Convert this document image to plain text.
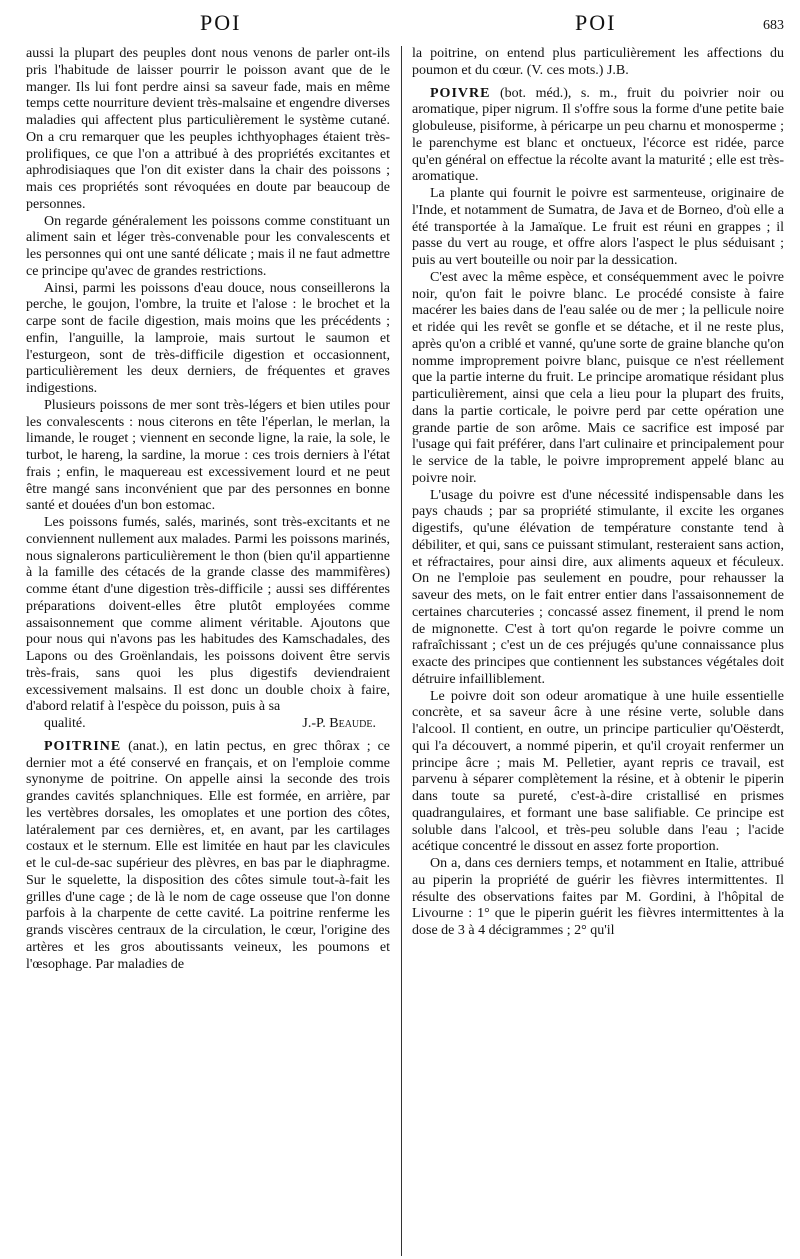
POI	POI	683

aussi la plupart des peuples dont nous venons de parler ont-ils pris l'habitude de laisser pourrir le poisson avant que de le manger. Ils lui font perdre ainsi sa saveur fade, mais en même temps cette nourriture devient très-malsaine et engendre diverses maladies qui affectent plus particulièrement le système cutané. On a cru remarquer que les peuples ichthyophages étaient très-prolifiques, ce que l'on a attribué à des propriétés excitantes et aphrodisiaques que l'on dit exister dans la chair des poissons ; mais ces propriétés sont révoquées en doute par beaucoup de personnes.

On regarde généralement les poissons comme constituant un aliment sain et léger très-convenable pour les convalescents et les personnes qui ont une santé délicate ; mais il ne faut admettre ce principe qu'avec de grandes restrictions.

Ainsi, parmi les poissons d'eau douce, nous conseillerons la perche, le goujon, l'ombre, la truite et l'alose : le brochet et la carpe sont de facile digestion, mais moins que les précédents ; enfin, l'anguille, la lamproie, mais surtout le saumon et l'esturgeon, sont de très-difficile digestion et occasionnent, particulièrement les deux derniers, de fréquentes et graves indigestions.

Plusieurs poissons de mer sont très-légers et bien utiles pour les convalescents : nous citerons en tête l'éperlan, le merlan, la limande, le rouget ; viennent en seconde ligne, la raie, la sole, le turbot, le hareng, la sardine, la morue : ces trois derniers à l'état frais ; enfin, le maquereau est excessivement lourd et ne peut être mangé sans inconvénient que par des personnes en bonne santé et douées d'un bon estomac.

Les poissons fumés, salés, marinés, sont très-excitants et ne conviennent nullement aux malades. Parmi les poissons marinés, nous signalerons particulièrement le thon (bien qu'il appartienne à la famille des cétacés de la grande classe des mammifères) comme étant d'une digestion très-difficile ; aussi ses différentes préparations doivent-elles être plutôt employées comme assaisonnement que comme aliment véritable. Ajoutons que pour nous qui n'avons pas les habitudes des Kamschadales, des Lapons ou des Groënlandais, les poissons doivent être servis très-frais, sans quoi les plus digestifs deviendraient excessivement malsains. Il est donc un double choix à faire, d'abord relatif à l'espèce du poisson, puis à sa

qualité.	J.-P. Beaude.

POITRINE (anat.), en latin pectus, en grec thôrax ; ce dernier mot a été conservé en français, et on l'emploie comme synonyme de poitrine. On appelle ainsi la seconde des trois grandes cavités splanchniques. Elle est formée, en arrière, par les vertèbres dorsales, les omoplates et une portion des côtes, latéralement par ces dernières, et, en avant, par les cartilages costaux et le sternum. Elle est limitée en haut par les clavicules et le cul-de-sac supérieur des plèvres, en bas par le diaphragme. Sur le squelette, la disposition des côtes simule tout-à-fait les grilles d'une cage ; de là le nom de cage osseuse que l'on donne parfois à la charpente de cette cavité. La poitrine renferme les grands viscères centraux de la circulation, le cœur, l'origine des artères et les gros aboutissants veineux, les poumons et l'œsophage. Par maladies de

la poitrine, on entend plus particulièrement les affections du poumon et du cœur. (V. ces mots.) J.B.

POIVRE (bot. méd.), s. m., fruit du poivrier noir ou aromatique, piper nigrum. Il s'offre sous la forme d'une petite baie globuleuse, pisiforme, à péricarpe un peu charnu et monosperme ; le parenchyme est blanc et onctueux, l'écorce est ridée, parce qu'en général on effectue la récolte avant la maturité ; elle est très-aromatique.

La plante qui fournit le poivre est sarmenteuse, originaire de l'Inde, et notamment de Sumatra, de Java et de Borneo, d'où elle a été transportée à la Jamaïque. Le fruit est réuni en grappes ; il passe du vert au rouge, et offre alors l'aspect le plus séduisant ; puis au vert bouteille ou noir par la dessication.

C'est avec la même espèce, et conséquemment avec le poivre noir, qu'on fait le poivre blanc. Le procédé consiste à faire macérer les baies dans de l'eau salée ou de mer ; la pellicule noire et ridée qui les revêt se gonfle et se détache, et il ne reste plus, après qu'on a criblé et vanné, qu'une sorte de graine blanche qu'on nomme improprement poivre blanc, puisque ce n'est réellement que la partie interne du fruit. Le principe aromatique résidant plus particulièrement, ainsi que cela a lieu pour la plupart des fruits, dans la partie corticale, le poivre perd par cette opération une grande partie de son arôme. Mais ce sacrifice est imposé par l'usage qui fait préférer, dans l'art culinaire et principalement pour le service de la table, le poivre improprement appelé blanc au poivre noir.

L'usage du poivre est d'une nécessité indispensable dans les pays chauds ; par sa propriété stimulante, il excite les organes digestifs, qu'une élévation de température constante tend à débiliter, et qui, sans ce puissant stimulant, resteraient sans action, et réfractaires, pour ainsi dire, aux aliments aqueux et féculeux. On ne l'emploie pas seulement en poudre, pour rehausser la saveur des mets, on le fait entrer entier dans l'assaisonnement de certaines charcuteries ; concassé assez finement, il prend le nom de mignonette. C'est à tort qu'on regarde le poivre comme un rafraîchissant ; c'est un de ces préjugés qu'une connaissance plus exacte des principes que contiennent les substances végétales doit détruire infailliblement.

Le poivre doit son odeur aromatique à une huile essentielle concrète, et sa saveur âcre à une résine verte, soluble dans l'alcool. Il contient, en outre, un principe particulier qu'Oësterdt, qui l'a découvert, a nommé piperin, et qu'il croyait renfermer un principe âcre ; mais M. Pelletier, ayant repris ce travail, est parvenu à séparer complètement la résine, et à obtenir le piperin dans toute sa pureté, c'est-à-dire cristallisé en prismes quadrangulaires, et formant une base salifiable. Ce principe est soluble dans l'alcool, et très-peu soluble dans l'eau ; l'acide acétique concentré le dissout en assez forte proportion.

On a, dans ces derniers temps, et notamment en Italie, attribué au piperin la propriété de guérir les fièvres intermittentes. Il résulte des observations faites par M. Gordini, à l'hôpital de Livourne : 1° que le piperin guérit les fièvres intermittentes à la dose de 3 à 4 décigrammes ; 2° qu'il
